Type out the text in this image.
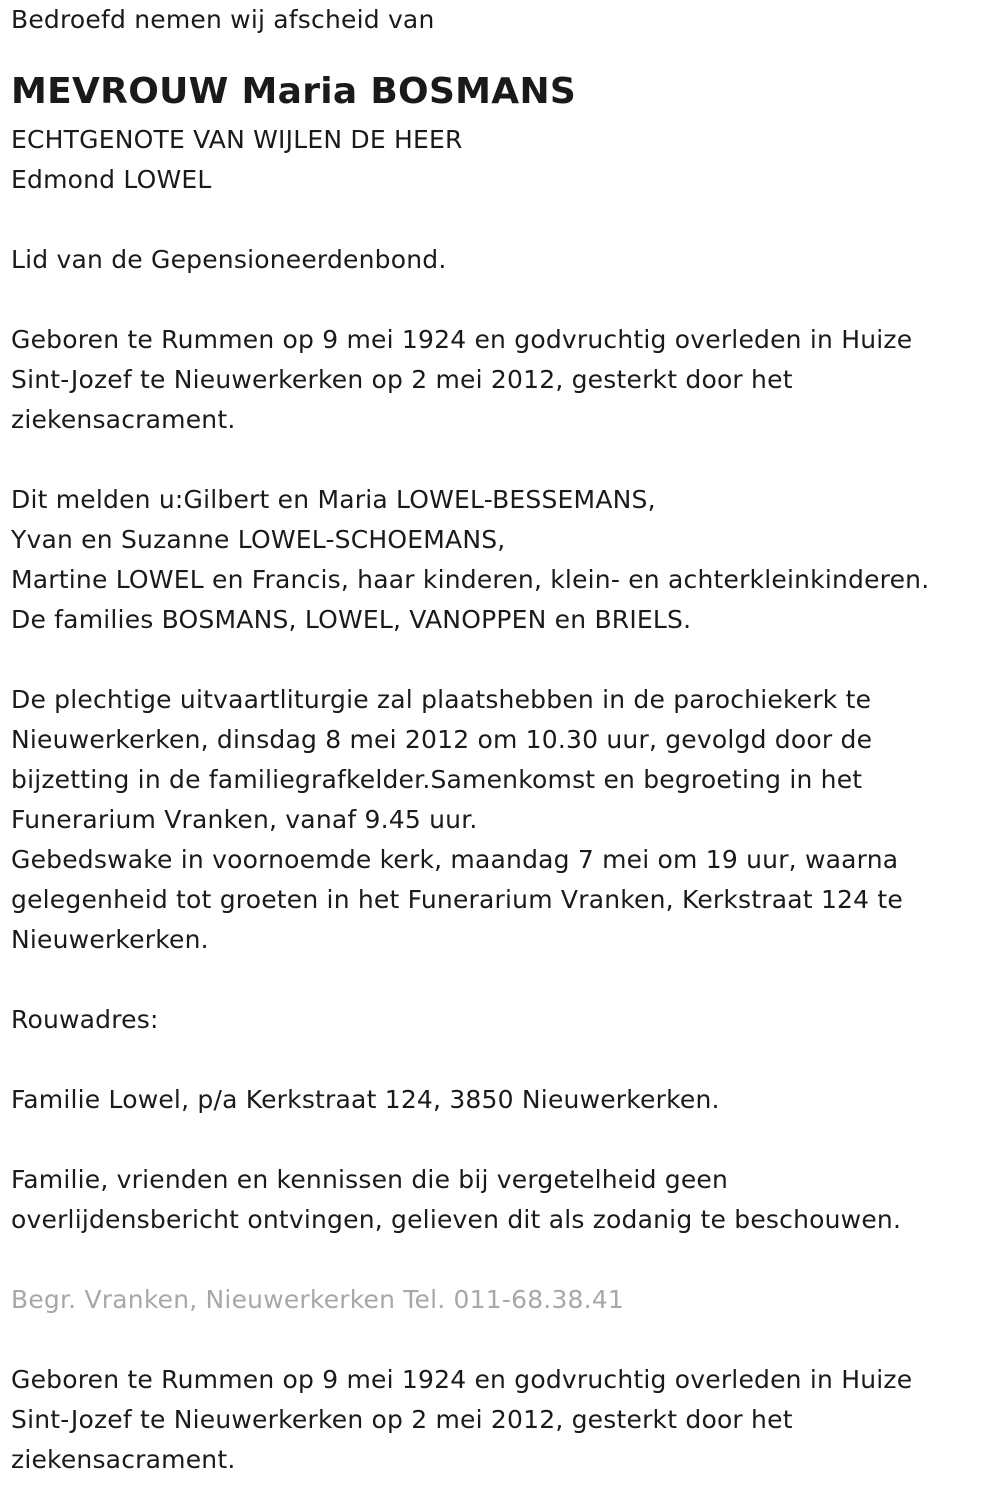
Bedroefd nemen wij afscheid van
MEVROUW Maria BOSMANS
ECHTGENOTE VAN WIJLEN DE HEER
Edmond LOWEL
Lid van de Gepensioneerdenbond.
Geboren te Rummen op 9 mei 1924 en godvruchtig overleden in Huize
Sint-Jozef te Nieuwerkerken op 2 mei 2012, gesterkt door het
ziekensacrament.
Dit melden u:Gilbert en Maria LOWEL-BESSEMANS,
Yvan en Suzanne LOWEL-SCHOEMANS,
Martine LOWEL en Francis, haar kinderen, klein- en achterkleinkinderen.
De families BOSMANS, LOWEL, VANOPPEN en BRIELS.
De plechtige uitvaartliturgie zal plaatshebben in de parochiekerk te
Nieuwerkerken, dinsdag 8 mei 2012 om 10.30 uur, gevolgd door de
bijzetting in de familiegrafkelder.Samenkomst en begroeting in het
Funerarium Vranken, vanaf 9.45 uur.
Gebedswake in voornoemde kerk, maandag 7 mei om 19 uur, waarna
gelegenheid tot groeten in het Funerarium Vranken, Kerkstraat 124 te
Nieuwerkerken.
Rouwadres:
Familie Lowel, p/a Kerkstraat 124, 3850 Nieuwerkerken.
Familie, vrienden en kennissen die bij vergetelheid geen
overlijdensbericht ontvingen, gelieven dit als zodanig te beschouwen.
Begr. Vranken, Nieuwerkerken Tel. 011-68.38.41
Geboren te Rummen op 9 mei 1924 en godvruchtig overleden in Huize
Sint-Jozef te Nieuwerkerken op 2 mei 2012, gesterkt door het
ziekensacrament.
